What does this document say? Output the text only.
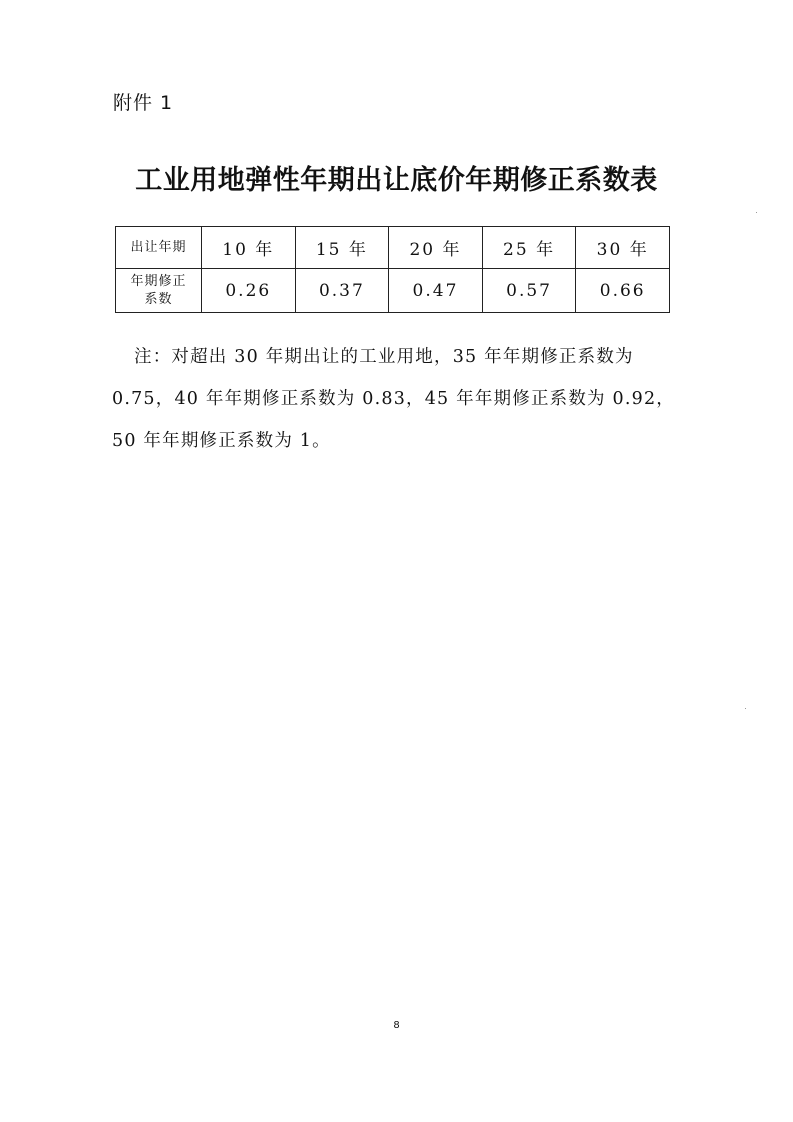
附件 1
工业用地弹性年期出让底价年期修正系数表
出让年期	10 年	15 年	20 年	25 年	30 年

年期修正
系数	0.26	0.37	0.47	0.57	0.66

注：对超出 30 年期出让的工业用地，35 年年期修正系数为 0.75，40 年年期修正系数为 0.83，45 年年期修正系数为 0.92，50 年年期修正系数为 1。

8
